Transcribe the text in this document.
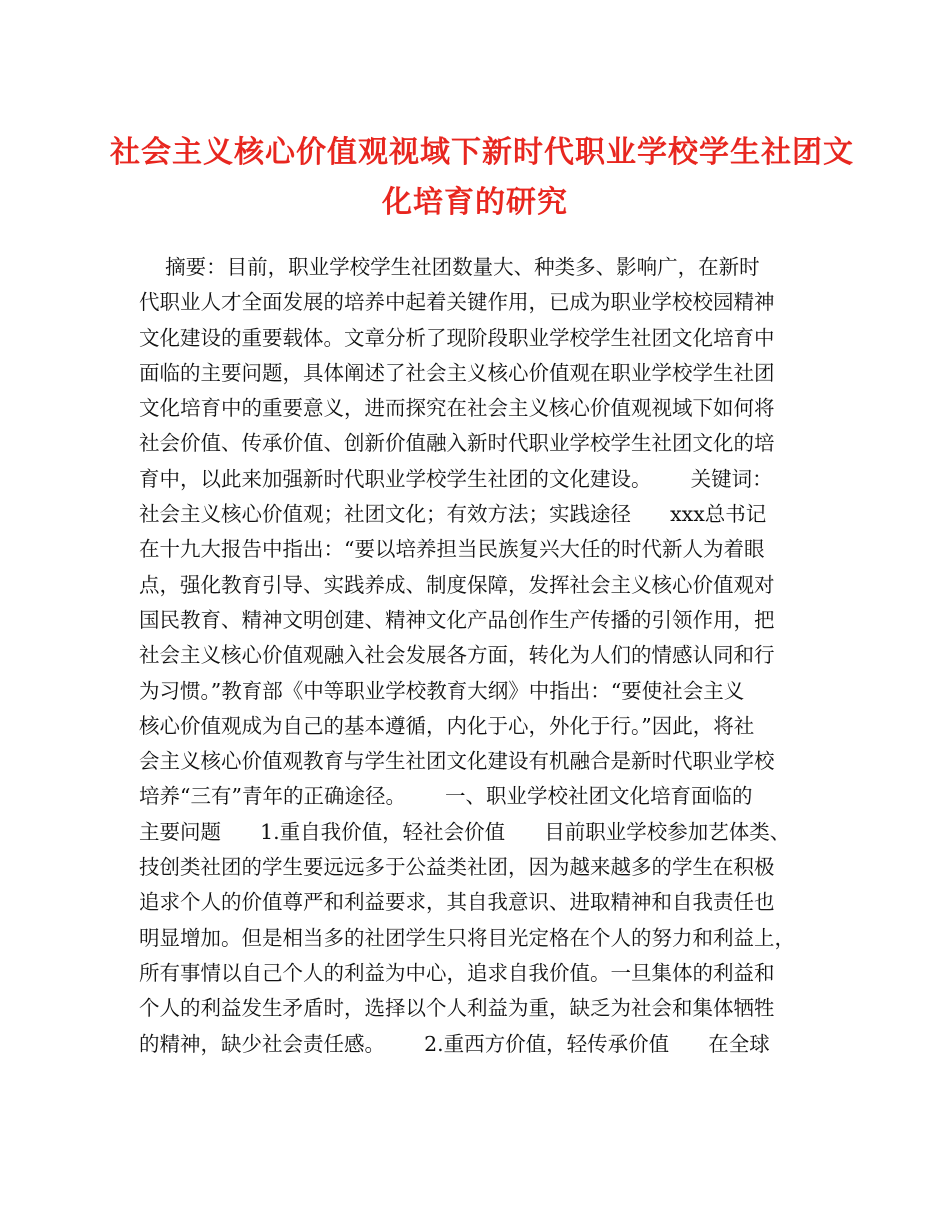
社会主义核心价值观视域下新时代职业学校学生社团文
化培育的研究
摘要：目前，职业学校学生社团数量大、种类多、影响广，在新时
代职业人才全面发展的培养中起着关键作用，已成为职业学校校园精神
文化建设的重要载体。文章分析了现阶段职业学校学生社团文化培育中
面临的主要问题，具体阐述了社会主义核心价值观在职业学校学生社团
文化培育中的重要意义，进而探究在社会主义核心价值观视域下如何将
社会价值、传承价值、创新价值融入新时代职业学校学生社团文化的培
育中，以此来加强新时代职业学校学生社团的文化建设。      关键词：
社会主义核心价值观；社团文化；有效方法；实践途径      xxx总书记
在十九大报告中指出：“要以培养担当民族复兴大任的时代新人为着眼
点，强化教育引导、实践养成、制度保障，发挥社会主义核心价值观对
国民教育、精神文明创建、精神文化产品创作生产传播的引领作用，把
社会主义核心价值观融入社会发展各方面，转化为人们的情感认同和行
为习惯。”教育部《中等职业学校教育大纲》中指出：“要使社会主义
核心价值观成为自己的基本遵循，内化于心，外化于行。”因此，将社
会主义核心价值观教育与学生社团文化建设有机融合是新时代职业学校
培养“三有”青年的正确途径。      一、职业学校社团文化培育面临的
主要问题      1.重自我价值，轻社会价值      目前职业学校参加艺体类、
技创类社团的学生要远远多于公益类社团，因为越来越多的学生在积极
追求个人的价值尊严和利益要求，其自我意识、进取精神和自我责任也
明显增加。但是相当多的社团学生只将目光定格在个人的努力和利益上，
所有事情以自己个人的利益为中心，追求自我价值。一旦集体的利益和
个人的利益发生矛盾时，选择以个人利益为重，缺乏为社会和集体牺牲
的精神，缺少社会责任感。      2.重西方价值，轻传承价值      在全球
